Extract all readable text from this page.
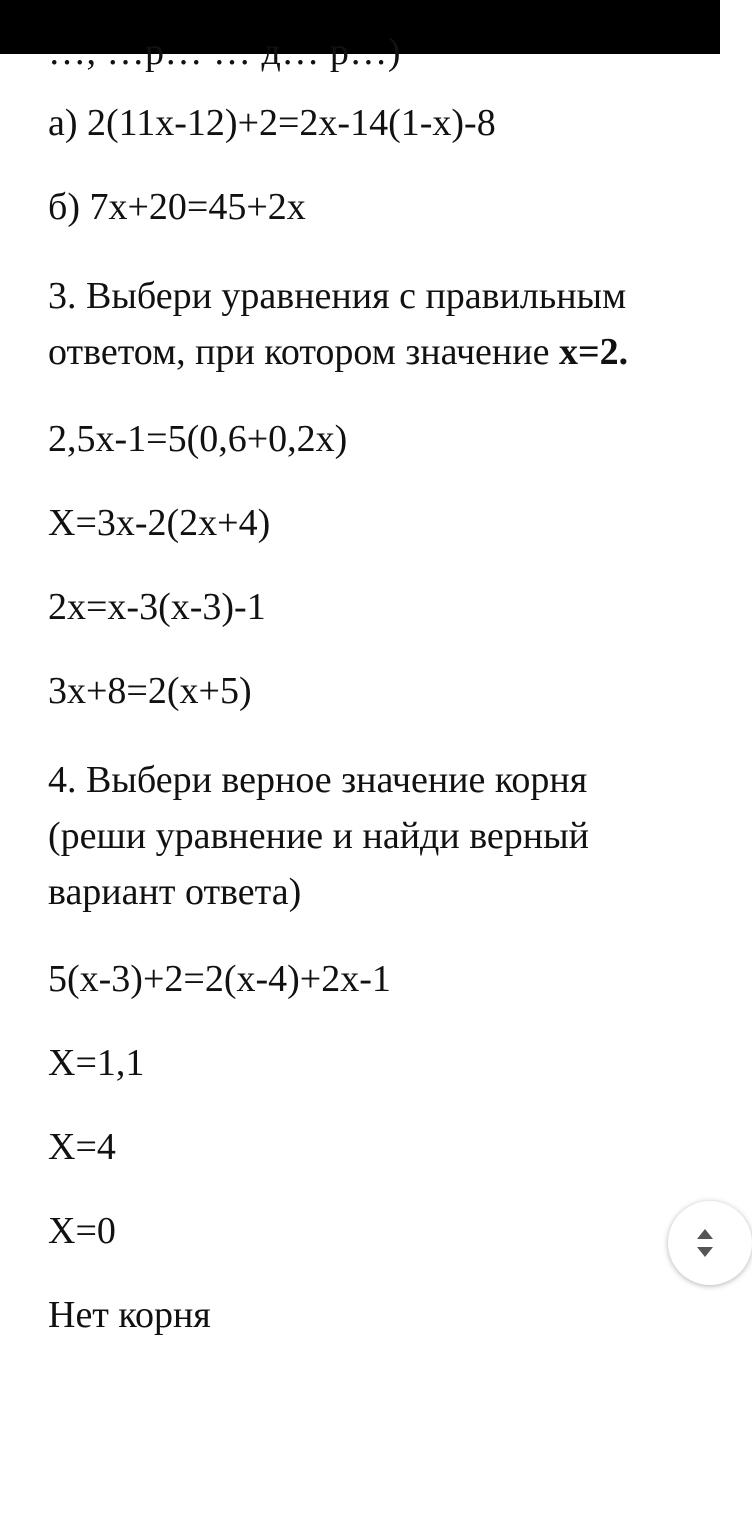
…, …р… … д… р…)

а) 2(11x-12)+2=2x-14(1-x)-8

б) 7x+20=45+2x

3. Выбери уравнения с правильным ответом, при котором значение x=2.

2,5х-1=5(0,6+0,2х)

Х=3х-2(2х+4)

2х=х-3(х-3)-1

3х+8=2(х+5)

4. Выбери верное значение корня (реши уравнение и найди верный вариант ответа)

5(х-3)+2=2(х-4)+2х-1

Х=1,1

Х=4

Х=0

Нет корня
